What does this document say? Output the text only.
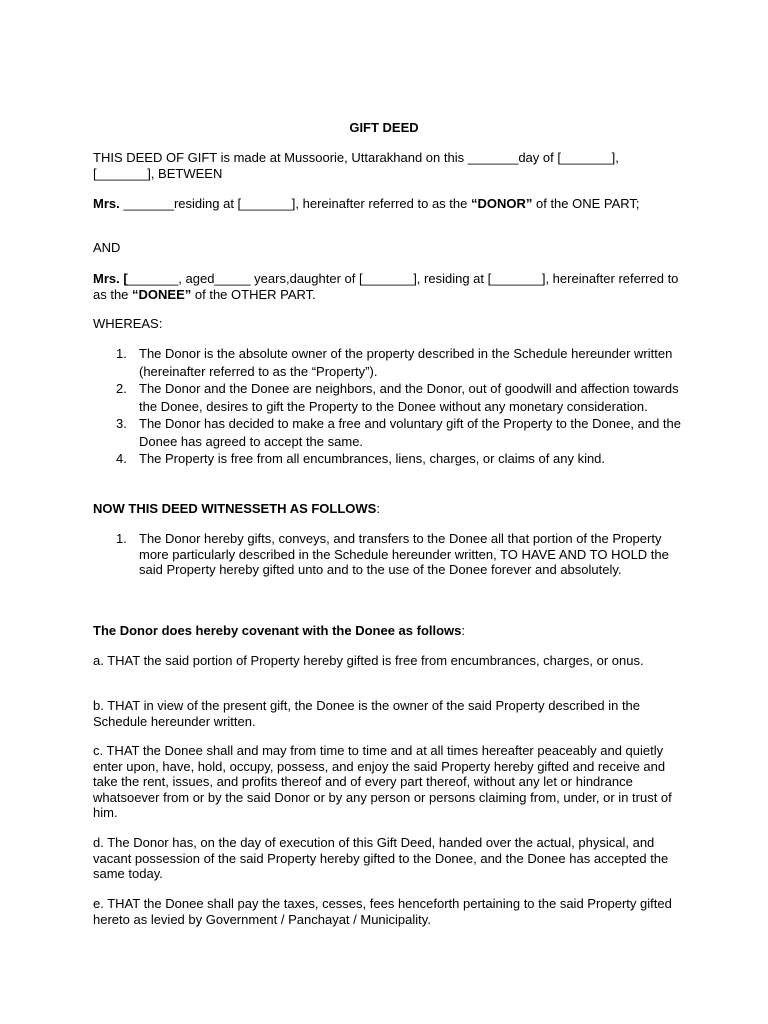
GIFT DEED

THIS DEED OF GIFT is made at Mussoorie, Uttarakhand on this _______day of [_______], [_______], BETWEEN

Mrs. _______residing at [_______], hereinafter referred to as the “DONOR” of the ONE PART;

AND

Mrs. [_______, aged_____ years,daughter of [_______], residing at [_______], hereinafter referred to as the “DONEE” of the OTHER PART.

WHEREAS:

1. The Donor is the absolute owner of the property described in the Schedule hereunder written (hereinafter referred to as the “Property”).
2. The Donor and the Donee are neighbors, and the Donor, out of goodwill and affection towards the Donee, desires to gift the Property to the Donee without any monetary consideration.
3. The Donor has decided to make a free and voluntary gift of the Property to the Donee, and the Donee has agreed to accept the same.
4. The Property is free from all encumbrances, liens, charges, or claims of any kind.

NOW THIS DEED WITNESSETH AS FOLLOWS:

1. The Donor hereby gifts, conveys, and transfers to the Donee all that portion of the Property more particularly described in the Schedule hereunder written, TO HAVE AND TO HOLD the said Property hereby gifted unto and to the use of the Donee forever and absolutely.

The Donor does hereby covenant with the Donee as follows:

a. THAT the said portion of Property hereby gifted is free from encumbrances, charges, or onus.

b. THAT in view of the present gift, the Donee is the owner of the said Property described in the Schedule hereunder written.

c. THAT the Donee shall and may from time to time and at all times hereafter peaceably and quietly enter upon, have, hold, occupy, possess, and enjoy the said Property hereby gifted and receive and take the rent, issues, and profits thereof and of every part thereof, without any let or hindrance whatsoever from or by the said Donor or by any person or persons claiming from, under, or in trust of him.

d. The Donor has, on the day of execution of this Gift Deed, handed over the actual, physical, and vacant possession of the said Property hereby gifted to the Donee, and the Donee has accepted the same today.

e. THAT the Donee shall pay the taxes, cesses, fees henceforth pertaining to the said Property gifted hereto as levied by Government / Panchayat / Municipality.
